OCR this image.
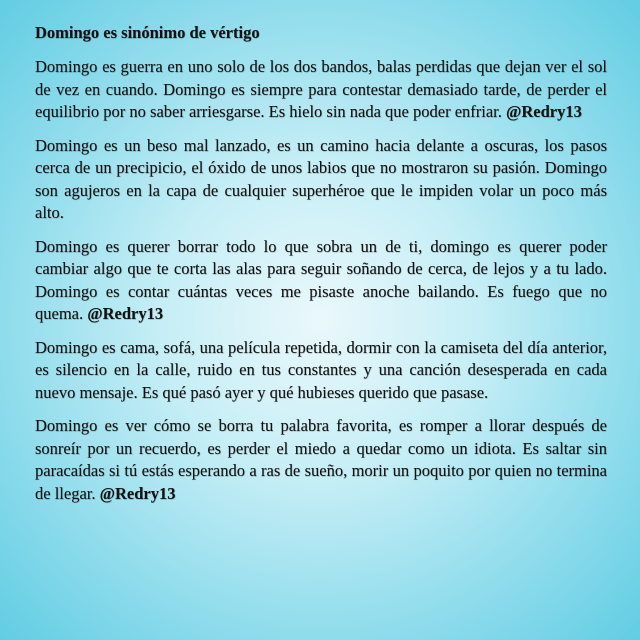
Domingo es sinónimo de vértigo

Domingo es guerra en uno solo de los dos bandos, balas perdidas que dejan ver el sol de vez en cuando. Domingo es siempre para contestar demasiado tarde, de perder el equilibrio por no saber arriesgarse. Es hielo sin nada que poder enfriar. @Redry13

Domingo es un beso mal lanzado, es un camino hacia delante a oscuras, los pasos cerca de un precipicio, el óxido de unos labios que no mostraron su pasión. Domingo son agujeros en la capa de cualquier superhéroe que le impiden volar un poco más alto.

Domingo es querer borrar todo lo que sobra un de ti, domingo es querer poder cambiar algo que te corta las alas para seguir soñando de cerca, de lejos y a tu lado. Domingo es contar cuántas veces me pisaste anoche bailando. Es fuego que no quema. @Redry13

Domingo es cama, sofá, una película repetida, dormir con la camiseta del día anterior, es silencio en la calle, ruido en tus constantes y una canción desesperada en cada nuevo mensaje. Es qué pasó ayer y qué hubieses querido que pasase.

Domingo es ver cómo se borra tu palabra favorita, es romper a llorar después de sonreír por un recuerdo, es perder el miedo a quedar como un idiota. Es saltar sin paracaídas si tú estás esperando a ras de sueño, morir un poquito por quien no termina de llegar. @Redry13
